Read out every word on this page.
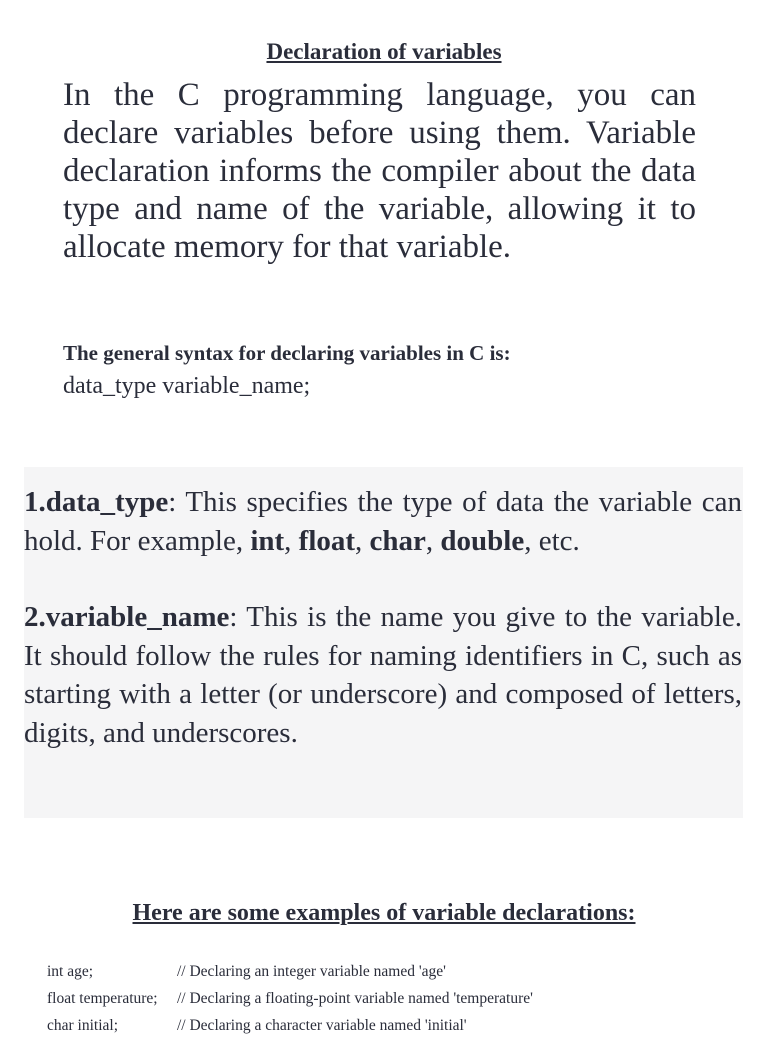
Declaration of variables

In the C programming language, you can declare variables before using them. Variable declaration informs the compiler about the data type and name of the variable, allowing it to allocate memory for that variable.

The general syntax for declaring variables in C is:

data_type variable_name;

1.data_type: This specifies the type of data the variable can hold. For example, int, float, char, double, etc.

2.variable_name: This is the name you give to the variable. It should follow the rules for naming identifiers in C, such as starting with a letter (or underscore) and composed of letters, digits, and underscores.

Here are some examples of variable declarations:
int age;	// Declaring an integer variable named 'age'
float temperature; // Declaring a floating-point variable named 'temperature'
char initial;	// Declaring a character variable named 'initial'
